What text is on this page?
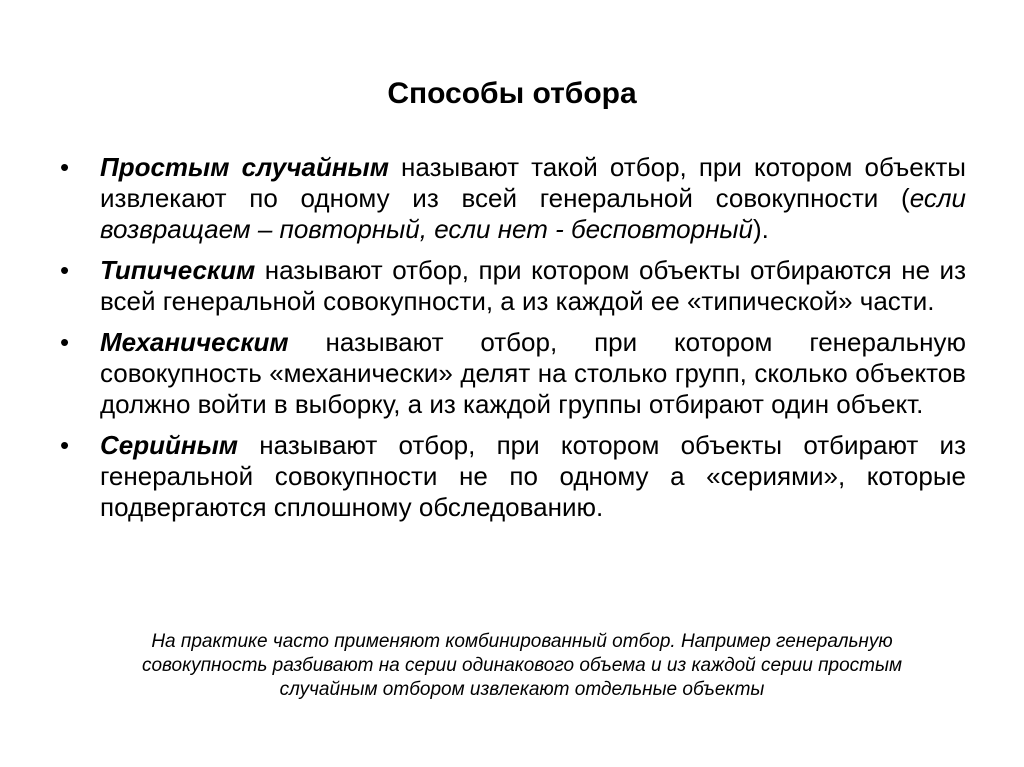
Способы отбора
• Простым случайным называют такой отбор, при котором объекты извлекают по одному из всей генеральной совокупности (если возвращаем – повторный, если нет - бесповторный).
• Типическим называют отбор, при котором объекты отбираются не из всей генеральной совокупности, а из каждой ее «типической» части.
• Механическим называют отбор, при котором генеральную совокупность «механически» делят на столько групп, сколько объектов должно войти в выборку, а из каждой группы отбирают один объект.
• Серийным называют отбор, при котором объекты отбирают из генеральной совокупности не по одному а «сериями», которые подвергаются сплошному обследованию.

На практике часто применяют комбинированный отбор. Например генеральную
совокупность разбивают на серии одинакового объема и из каждой серии простым
случайным отбором извлекают отдельные объекты
